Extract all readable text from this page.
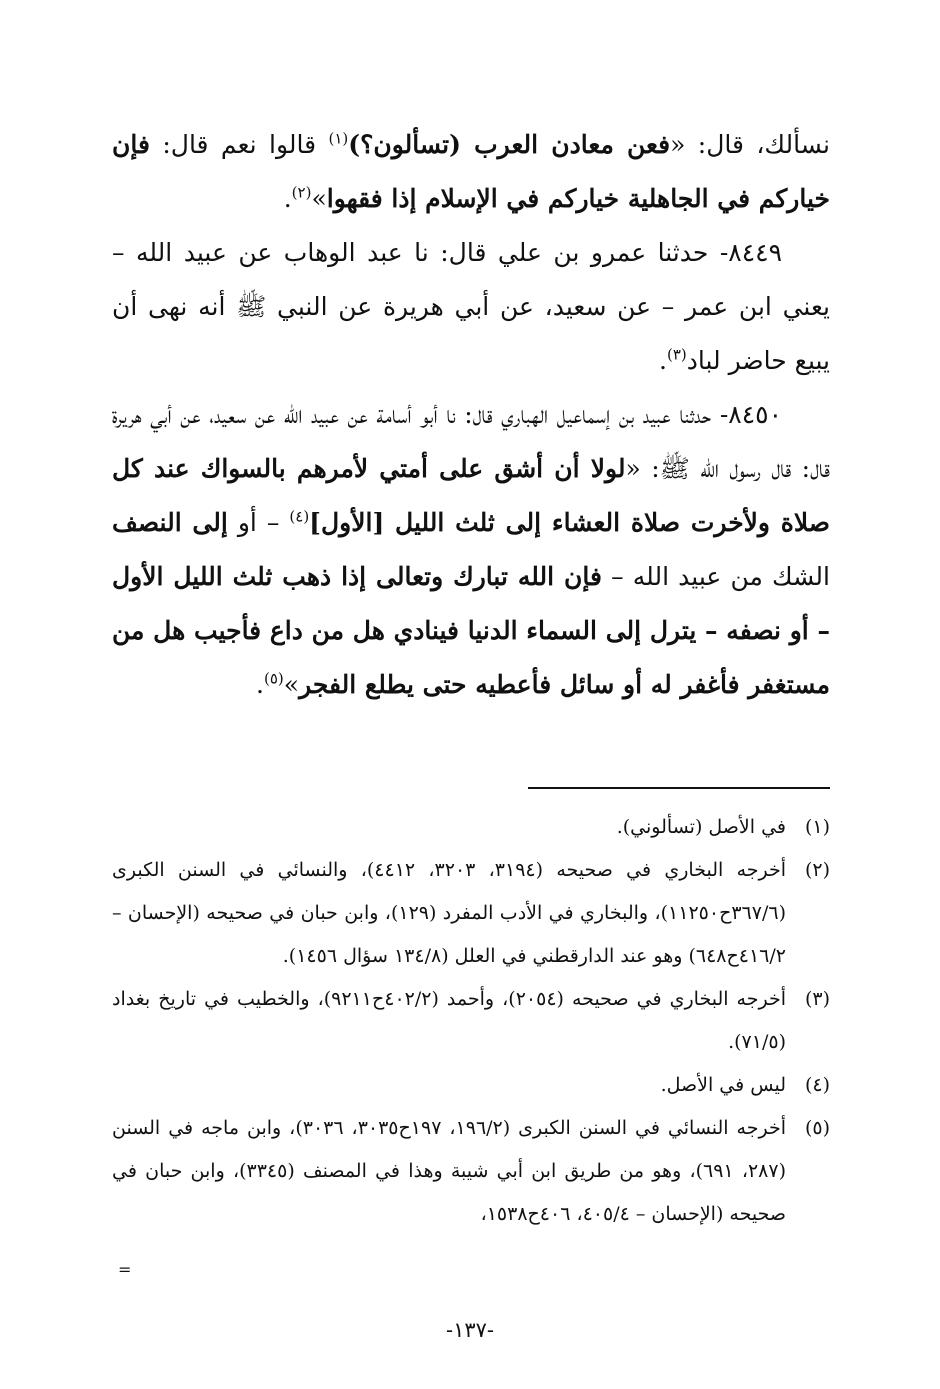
نسألك، قال: «فعن معادن العرب (تسألون؟)$^{(١)}$ قالوا نعم قال: فإن خياركم في الجاهلية خياركم في الإسلام إذا فقهوا»$^{(٢)}$.

٨٤٤٩- حدثنا عمرو بن علي قال: نا عبد الوهاب عن عبيد الله – يعني ابن عمر – عن سعيد، عن أبي هريرة عن النبي ﷺ أنه نهى أن يبيع حاضر لباد$^{(٣)}$.

٨٤٥٠- حدثنا عبيد بن إسماعيل الهباري قال: نا أبو أسامة عن عبيد الله عن سعيد، عن أبي هريرة قال: قال رسول الله ﷺ: «لولا أن أشق على أمتي لأمرهم بالسواك عند كل صلاة ولأخرت صلاة العشاء إلى ثلث الليل [الأول]$^{(٤)}$ – أو إلى النصف الشك من عبيد الله – فإن الله تبارك وتعالى إذا ذهب ثلث الليل الأول – أو نصفه – يترل إلى السماء الدنيا فينادي هل من داع فأجيب هل من مستغفر فأغفر له أو سائل فأعطيه حتى يطلع الفجر»$^{(٥)}$.

(١)
في الأصل (تسألوني).

(٢)
أخرجه البخاري في صحيحه (٣١٩٤، ٣٢٠٣، ٤٤١٢)، والنسائي في السنن الكبرى (٣٦٧/٦ح١١٢٥٠)، والبخاري في الأدب المفرد (١٢٩)، وابن حبان في صحيحه (الإحسان – ٤١٦/٢ح٦٤٨) وهو عند الدارقطني في العلل (١٣٤/٨ سؤال ١٤٥٦).

(٣)
أخرجه البخاري في صحيحه (٢٠٥٤)، وأحمد (٤٠٢/٢ح٩٢١١)، والخطيب في تاريخ بغداد (٧١/٥).

(٤)
ليس في الأصل.

(٥)
أخرجه النسائي في السنن الكبرى (١٩٦/٢، ١٩٧ح٣٠٣٥، ٣٠٣٦)، وابن ماجه في السنن (٢٨٧، ٦٩١)، وهو من طريق ابن أبي شيبة وهذا في المصنف (٣٣٤٥)، وابن حبان في صحيحه (الإحسان – ٤٠٥/٤، ٤٠٦ح١٥٣٨،

=
-١٣٧-
